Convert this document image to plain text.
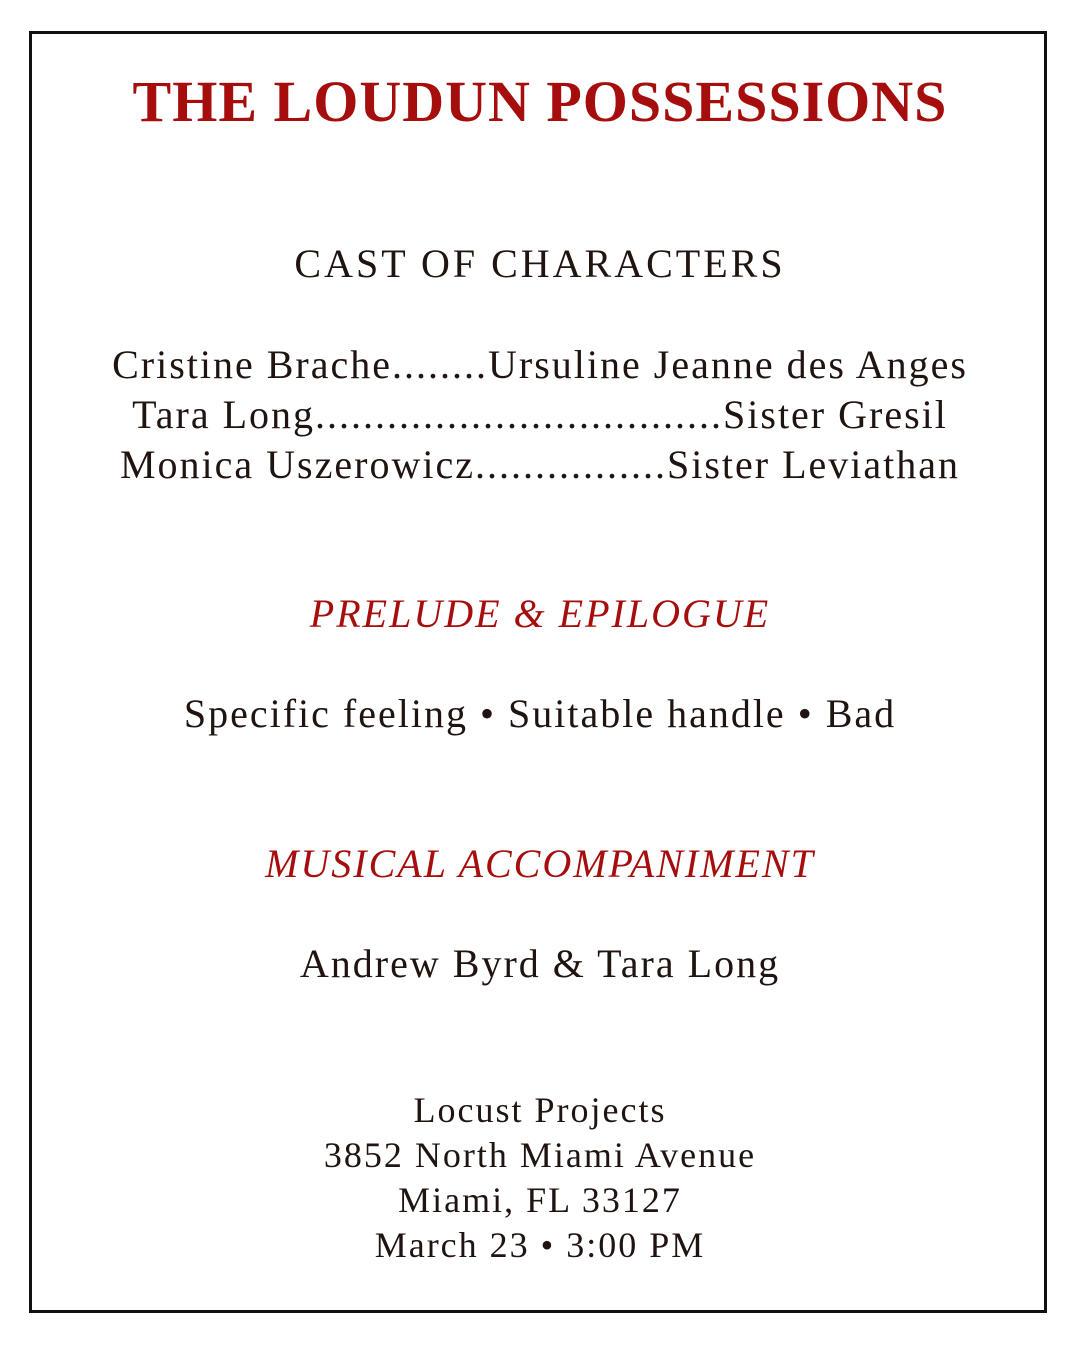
THE LOUDUN POSSESSIONS
CAST OF CHARACTERS
Cristine Brache........Ursuline Jeanne des Anges
Tara Long..................................Sister Gresil
Monica Uszerowicz................Sister Leviathan
PRELUDE & EPILOGUE
Specific feeling • Suitable handle • Bad
MUSICAL ACCOMPANIMENT
Andrew Byrd & Tara Long
Locust Projects
3852 North Miami Avenue
Miami, FL 33127
March 23 • 3:00 PM
